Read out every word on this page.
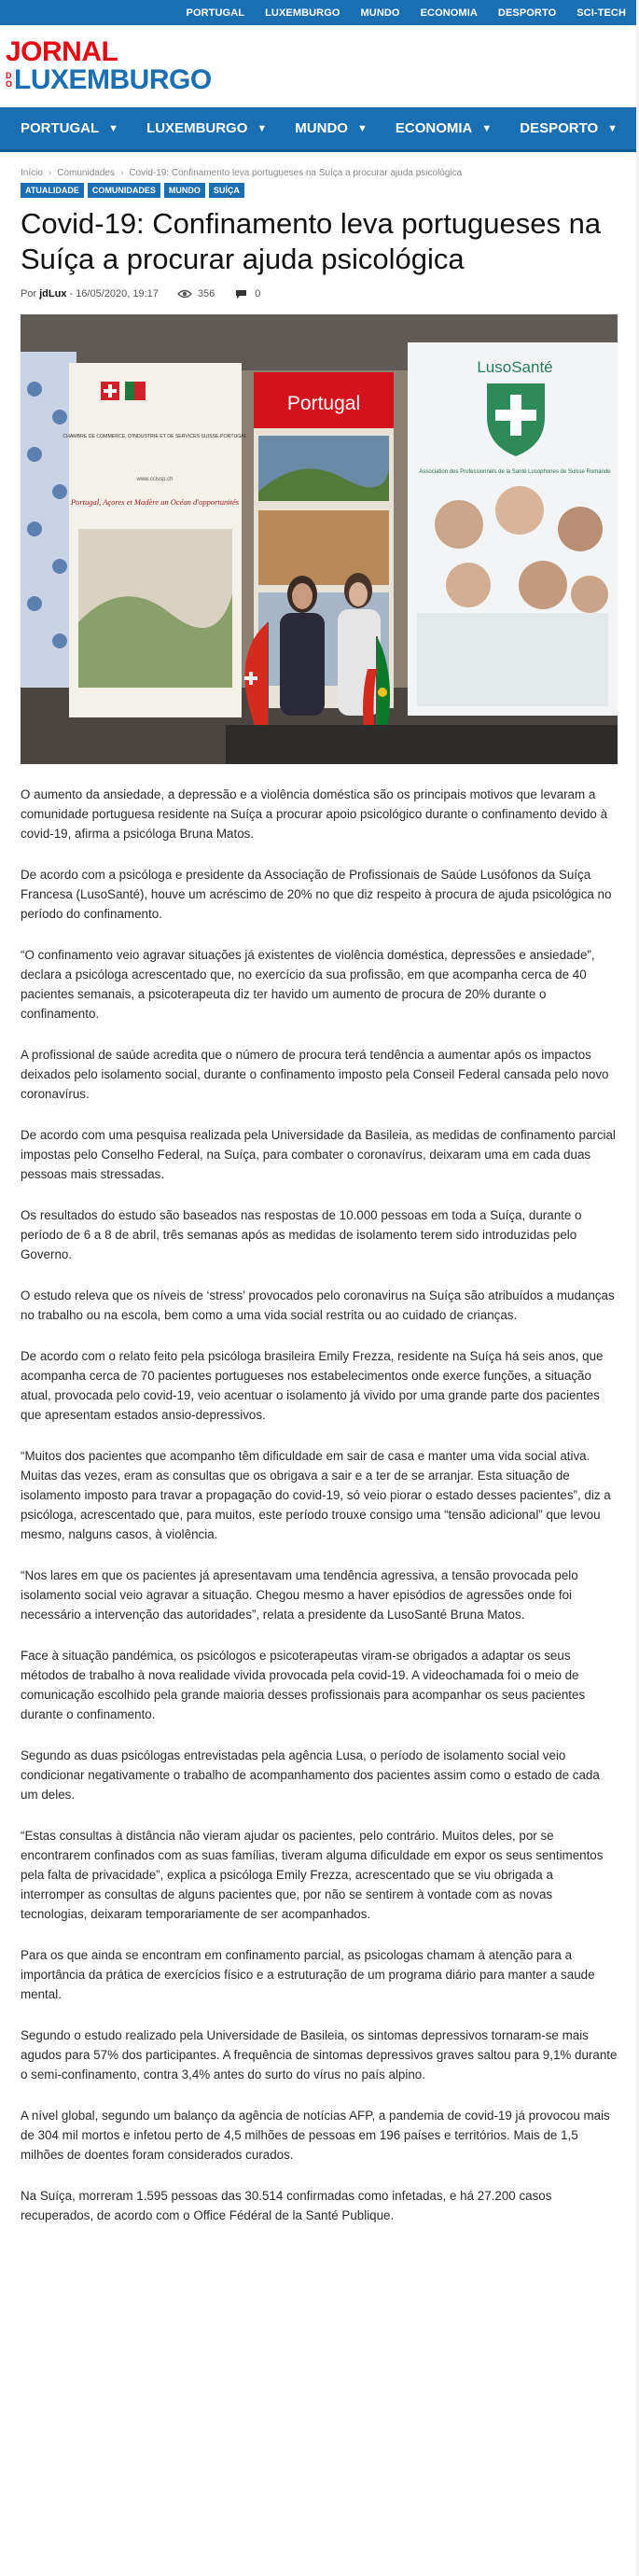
PORTUGAL LUXEMBURGO MUNDO ECONOMIA DESPORTO SCI-TECH
JORNAL
D
O LUXEMBURGO
PORTUGAL ▼ LUXEMBURGO ▼ MUNDO ▼ ECONOMIA ▼ DESPORTO ▼
Início › Comunidades › Covid-19: Confinamento leva portugueses na Suíça a procurar ajuda psicológica
ATUALIDADE	COMUNIDADES	MUNDO	SUÍÇA
Covid-19: Confinamento leva portugueses na Suíça a procurar ajuda psicológica
Por jdLux - 16/05/2020, 19:17	356	0
CHAMBRE DE COMMERCE, D'INDUSTRIE ET DE SERVICES SUISSE-PORTUGAL
www.ccissp.ch
Portugal, Açores et Madère un Océan d'opportunités
Portugal
LusoSanté
Association des Professionnels de la Santé Lusophones de Suisse Romande

O aumento da ansiedade, a depressão e a violência doméstica são os principais motivos que levaram a comunidade portuguesa residente na Suíça a procurar apoio psicológico durante o confinamento devido à covid-19, afirma a psicóloga Bruna Matos.

De acordo com a psicóloga e presidente da Associação de Profissionais de Saúde Lusófonos da Suíça Francesa (LusoSanté), houve um acréscimo de 20% no que diz respeito à procura de ajuda psicológica no período do confinamento.

“O confinamento veio agravar situações já existentes de violência doméstica, depressões e ansiedade”, declara a psicóloga acrescentado que, no exercício da sua profissão, em que acompanha cerca de 40 pacientes semanais, a psicoterapeuta diz ter havido um aumento de procura de 20% durante o confinamento.

A profissional de saúde acredita que o número de procura terá tendência a aumentar após os impactos deixados pelo isolamento social, durante o confinamento imposto pela Conseil Federal cansada pelo novo coronavírus.

De acordo com uma pesquisa realizada pela Universidade da Basileia, as medidas de confinamento parcial impostas pelo Conselho Federal, na Suíça, para combater o coronavírus, deixaram uma em cada duas pessoas mais stressadas.

Os resultados do estudo são baseados nas respostas de 10.000 pessoas em toda a Suíça, durante o período de 6 a 8 de abril, três semanas após as medidas de isolamento terem sido introduzidas pelo Governo.

O estudo releva que os níveis de ‘stress’ provocados pelo coronavirus na Suíça são atribuídos a mudanças no trabalho ou na escola, bem como a uma vida social restrita ou ao cuidado de crianças.

De acordo com o relato feito pela psicóloga brasileira Emily Frezza, residente na Suíça há seis anos, que acompanha cerca de 70 pacientes portugueses nos estabelecimentos onde exerce funções, a situação atual, provocada pelo covid-19, veio acentuar o isolamento já vivido por uma grande parte dos pacientes que apresentam estados ansio-depressivos.

“Muitos dos pacientes que acompanho têm dificuldade em sair de casa e manter uma vida social ativa. Muitas das vezes, eram as consultas que os obrigava a sair e a ter de se arranjar. Esta situação de isolamento imposto para travar a propagação do covid-19, só veio piorar o estado desses pacientes”, diz a psicóloga, acrescentado que, para muitos, este período trouxe consigo uma “tensão adicional” que levou mesmo, nalguns casos, à violência.

“Nos lares em que os pacientes já apresentavam uma tendência agressiva, a tensão provocada pelo isolamento social veio agravar a situação. Chegou mesmo a haver episódios de agressões onde foi necessário a intervenção das autoridades”, relata a presidente da LusoSanté Bruna Matos.

Face à situação pandémica, os psicólogos e psicoterapeutas viram-se obrigados a adaptar os seus métodos de trabalho à nova realidade vivida provocada pela covid-19. A videochamada foi o meio de comunicação escolhido pela grande maioria desses profissionais para acompanhar os seus pacientes durante o confinamento.

Segundo as duas psicólogas entrevistadas pela agência Lusa, o período de isolamento social veio condicionar negativamente o trabalho de acompanhamento dos pacientes assim como o estado de cada um deles.

“Estas consultas à distância não vieram ajudar os pacientes, pelo contrário. Muitos deles, por se encontrarem confinados com as suas famílias, tiveram alguma dificuldade em expor os seus sentimentos pela falta de privacidade”, explica a psicóloga Emily Frezza, acrescentado que se viu obrigada a interromper as consultas de alguns pacientes que, por não se sentirem à vontade com as novas tecnologias, deixaram temporariamente de ser acompanhados.

Para os que ainda se encontram em confinamento parcial, as psicologas chamam à atenção para a importância da prática de exercícios físico e a estruturação de um programa diário para manter a saude mental.

Segundo o estudo realizado pela Universidade de Basileia, os sintomas depressivos tornaram-se mais agudos para 57% dos participantes. A frequência de sintomas depressivos graves saltou para 9,1% durante o semi-confinamento, contra 3,4% antes do surto do vírus no país alpino.

A nível global, segundo um balanço da agência de notícias AFP, a pandemia de covid-19 já provocou mais de 304 mil mortos e infetou perto de 4,5 milhões de pessoas em 196 países e territórios. Mais de 1,5 milhões de doentes foram considerados curados.

Na Suíça, morreram 1.595 pessoas das 30.514 confirmadas como infetadas, e há 27.200 casos recuperados, de acordo com o Office Fédéral de la Santé Publique.
